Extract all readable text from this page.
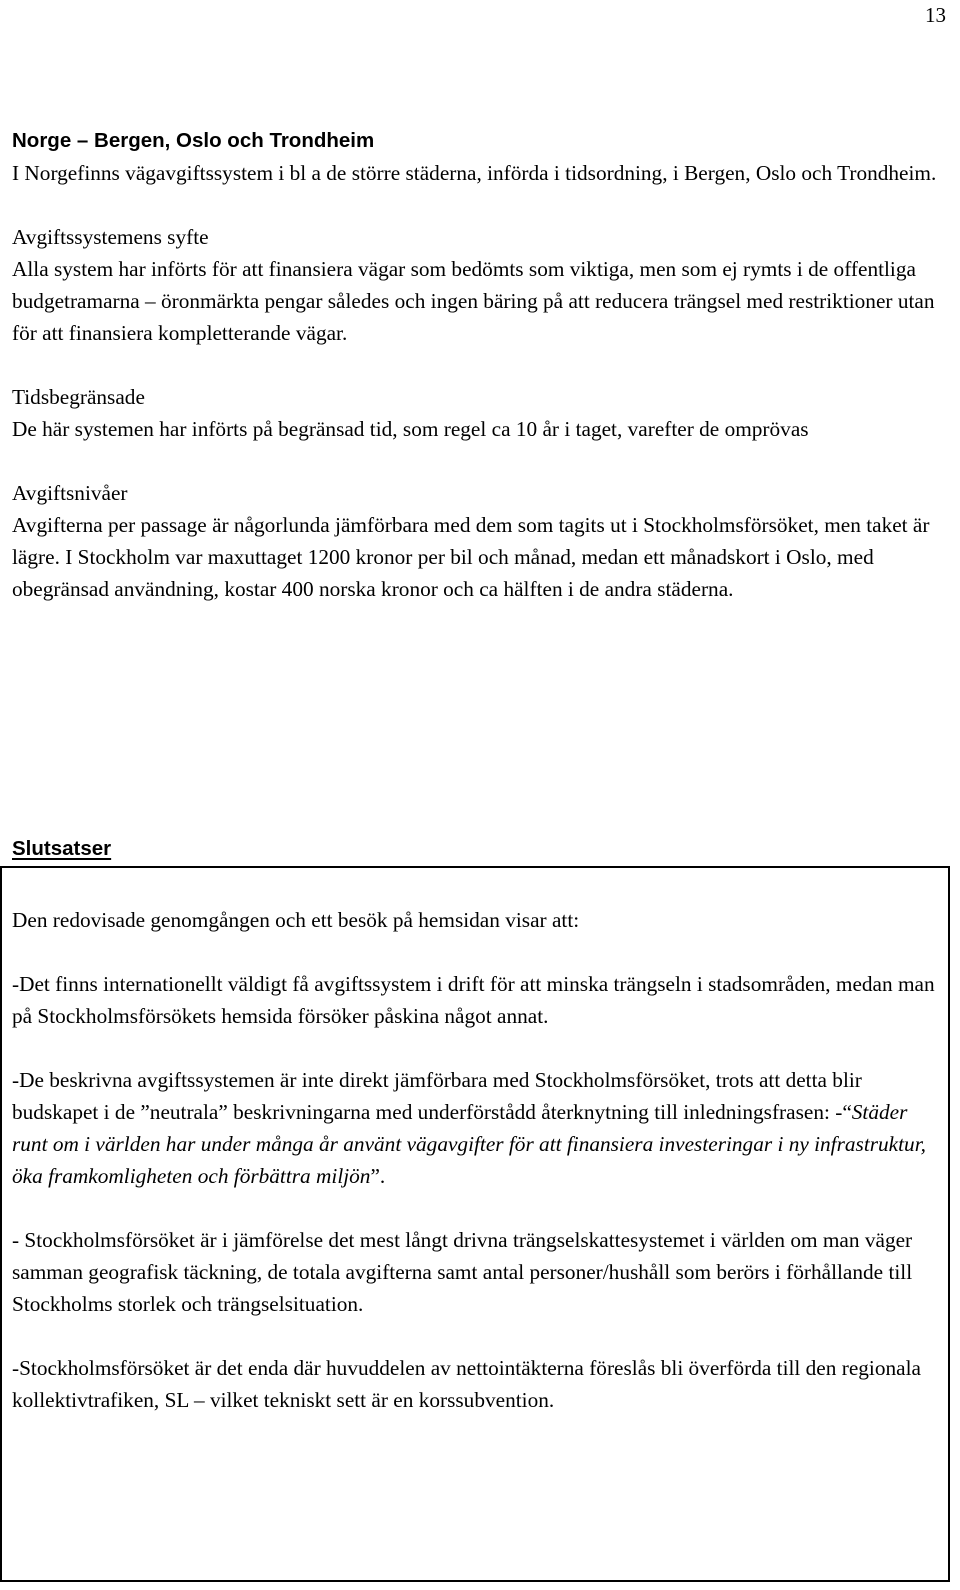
13

Norge – Bergen, Oslo och Trondheim

I Norgefinns vägavgiftssystem i bl a de större städerna, införda i tidsordning, i Bergen, Oslo och Trondheim.

Avgiftssystemens syfte

Alla system har införts för att finansiera vägar som bedömts som viktiga, men som ej rymts i de offentliga budgetramarna – öronmärkta pengar således och ingen bäring på att reducera trängsel med restriktioner utan för att finansiera kompletterande vägar.

Tidsbegränsade

De här systemen har införts på begränsad tid, som regel ca 10 år i taget, varefter de omprövas

Avgiftsnivåer

Avgifterna per passage är någorlunda jämförbara med dem som tagits ut i Stockholmsförsöket, men taket är lägre. I Stockholm var maxuttaget 1200 kronor per bil och månad, medan ett månadskort i Oslo, med obegränsad användning, kostar 400 norska kronor och ca hälften i de andra städerna.

Slutsatser

Den redovisade genomgången och ett besök på hemsidan visar att:

-Det finns internationellt väldigt få avgiftssystem i drift för att minska trängseln i stadsområden, medan man på Stockholmsförsökets hemsida försöker påskina något annat.

-De beskrivna avgiftssystemen är inte direkt jämförbara med Stockholmsförsöket, trots att detta blir budskapet i de ”neutrala” beskrivningarna med underförstådd återknytning till inledningsfrasen: -“Städer runt om i världen har under många år använt vägavgifter för att finansiera investeringar i ny infrastruktur, öka framkomligheten och förbättra miljön”.

- Stockholmsförsöket är i jämförelse det mest långt drivna trängselskattesystemet i världen om man väger samman geografisk täckning, de totala avgifterna samt antal personer/hushåll som berörs i förhållande till Stockholms storlek och trängselsituation.

-Stockholmsförsöket är det enda där huvuddelen av nettointäkterna föreslås bli överförda till den regionala kollektivtrafiken, SL – vilket tekniskt sett är en korssubvention.
